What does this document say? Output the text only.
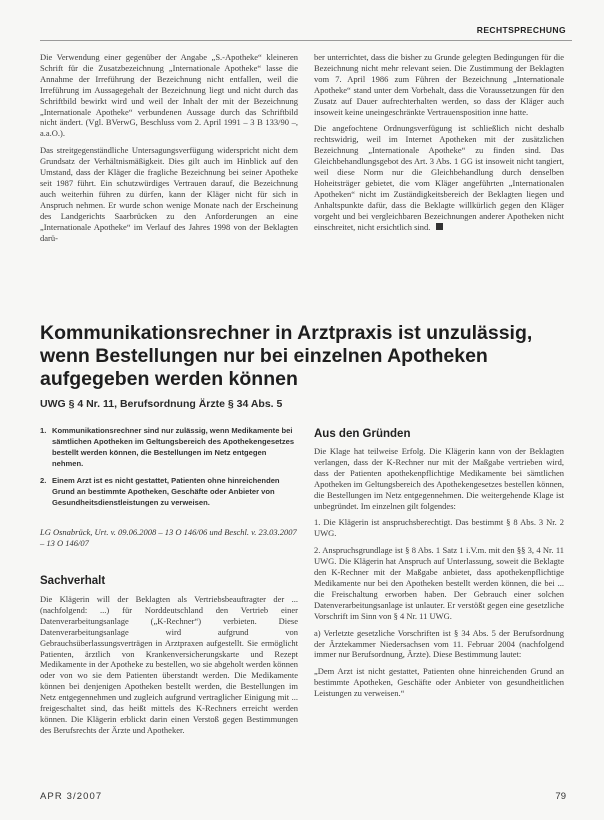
RECHTSPRECHUNG

Die Verwendung einer gegenüber der Angabe „S.-Apotheke“ kleineren Schrift für die Zusatzbezeichnung „Internationale Apotheke“ lasse die Annahme der Irreführung der Bezeichnung nicht entfallen, weil die Irreführung im Aussagegehalt der Bezeichnung liegt und nicht durch das Schriftbild bewirkt wird und weil der Inhalt der mit der Bezeichnung „Internationale Apotheke“ verbundenen Aussage durch das Schriftbild nicht ändert. (Vgl. BVerwG, Beschluss vom 2. April 1991 – 3 B 133/90 –, a.a.O.).

Das streitgegenständliche Untersagungsverfügung widerspricht nicht dem Grundsatz der Verhältnismäßigkeit. Dies gilt auch im Hinblick auf den Umstand, dass der Kläger die fragliche Bezeichnung bei seiner Apotheke seit 1987 führt. Ein schutzwürdiges Vertrauen darauf, die Bezeichnung auch weiterhin führen zu dürfen, kann der Kläger nicht für sich in Anspruch nehmen. Er wurde schon wenige Monate nach der Erscheinung des Landgerichts Saarbrücken zu den Anforderungen an eine „Internationale Apotheke“ im Verlauf des Jahres 1998 von der Beklagten darü-

ber unterrichtet, dass die bisher zu Grunde gelegten Bedingungen für die Bezeichnung nicht mehr relevant seien. Die Zustimmung der Beklagten vom 7. April 1986 zum Führen der Bezeichnung „Internationale Apotheke“ stand unter dem Vorbehalt, dass die Voraussetzungen für den Zusatz auf Dauer aufrechterhalten werden, so dass der Kläger auch insoweit keine uneingeschränkte Vertrauensposition inne hatte.

Die angefochtene Ordnungsverfügung ist schließlich nicht deshalb rechtswidrig, weil im Internet Apotheken mit der zusätzlichen Bezeichnung „Internationale Apotheke“ zu finden sind. Das Gleichbehandlungsgebot des Art. 3 Abs. 1 GG ist insoweit nicht tangiert, weil diese Norm nur die Gleichbehandlung durch denselben Hoheitsträger gebietet, die vom Kläger angeführten „Internationalen Apotheken“ nicht im Zuständigkeitsbereich der Beklagten liegen und Anhaltspunkte dafür, dass die Beklagte willkürlich gegen den Kläger vorgeht und bei vergleichbaren Bezeichnungen anderer Apotheken nicht einschreitet, nicht ersichtlich sind.

Kommunikationsrechner in Arztpraxis ist unzulässig, wenn Bestellungen nur bei einzelnen Apotheken aufgegeben werden können
UWG § 4 Nr. 11, Berufsordnung Ärzte § 34 Abs. 5
1. Kommunikationsrechner sind nur zulässig, wenn Medikamente bei sämtlichen Apotheken im Geltungsbereich des Apothekengesetzes bestellt werden können, die Bestellungen im Netz entgegen nehmen.
2. Einem Arzt ist es nicht gestattet, Patienten ohne hinreichenden Grund an bestimmte Apotheken, Geschäfte oder Anbieter von Gesundheitsdienstleistungen zu verweisen.
LG Osnabrück, Urt. v. 09.06.2008 – 13 O 146/06 und Beschl. v. 23.03.2007 – 13 O 146/07
Sachverhalt

Die Klägerin will der Beklagten als Vertriebsbeauftragter der ... (nachfolgend: ...) für Norddeutschland den Vertrieb einer Datenverarbeitungsanlage („K-Rechner“) verbieten. Diese Datenverarbeitungsanlage wird aufgrund von Gebrauchsüberlassungsverträgen in Arztpraxen aufgestellt. Sie ermöglicht Patienten, ärztlich von Krankenversicherungskarte und Rezept Medikamente in der Apotheke zu bestellen, wo sie abgeholt werden können oder von wo sie dem Patienten überstandt werden. Die Medikamente können bei denjenigen Apotheken bestellt werden, die Bestellungen im Netz entgegennehmen und zugleich aufgrund vertraglicher Einigung mit ... freigeschaltet sind, das heißt mittels des K-Rechners erreicht werden können. Die Klägerin erblickt darin einen Verstoß gegen Bestimmungen des Berufsrechts der Ärzte und Apotheker.

Aus den Gründen

Die Klage hat teilweise Erfolg. Die Klägerin kann von der Beklagten verlangen, dass der K-Rechner nur mit der Maßgabe vertrieben wird, dass der Patienten apothekenpflichtige Medikamente bei sämtlichen Apotheken im Geltungsbereich des Apothekengesetzes bestellen können, die Bestellungen im Netz entgegennehmen. Die weitergehende Klage ist unbegründet. Im einzelnen gilt folgendes:

1. Die Klägerin ist anspruchsberechtigt. Das bestimmt § 8 Abs. 3 Nr. 2 UWG.

2. Anspruchsgrundlage ist § 8 Abs. 1 Satz 1 i.V.m. mit den §§ 3, 4 Nr. 11 UWG. Die Klägerin hat Anspruch auf Unterlassung, soweit die Beklagte den K-Rechner mit der Maßgabe anbietet, dass apothekenpflichtige Medikamente nur bei den Apotheken bestellt werden können, die bei ... die Freischaltung erworben haben. Der Gebrauch einer solchen Datenverarbeitungsanlage ist unlauter. Er verstößt gegen eine gesetzliche Vorschrift im Sinn von § 4 Nr. 11 UWG.

a) Verletzte gesetzliche Vorschriften ist § 34 Abs. 5 der Berufsordnung der Ärztekammer Niedersachsen vom 11. Februar 2004 (nachfolgend immer nur Berufsordnung, Ärzte). Diese Bestimmung lautet:

„Dem Arzt ist nicht gestattet, Patienten ohne hinreichenden Grund an bestimmte Apotheken, Geschäfte oder Anbieter von gesundheitlichen Leistungen zu verweisen.“

APR 3/2007	79
